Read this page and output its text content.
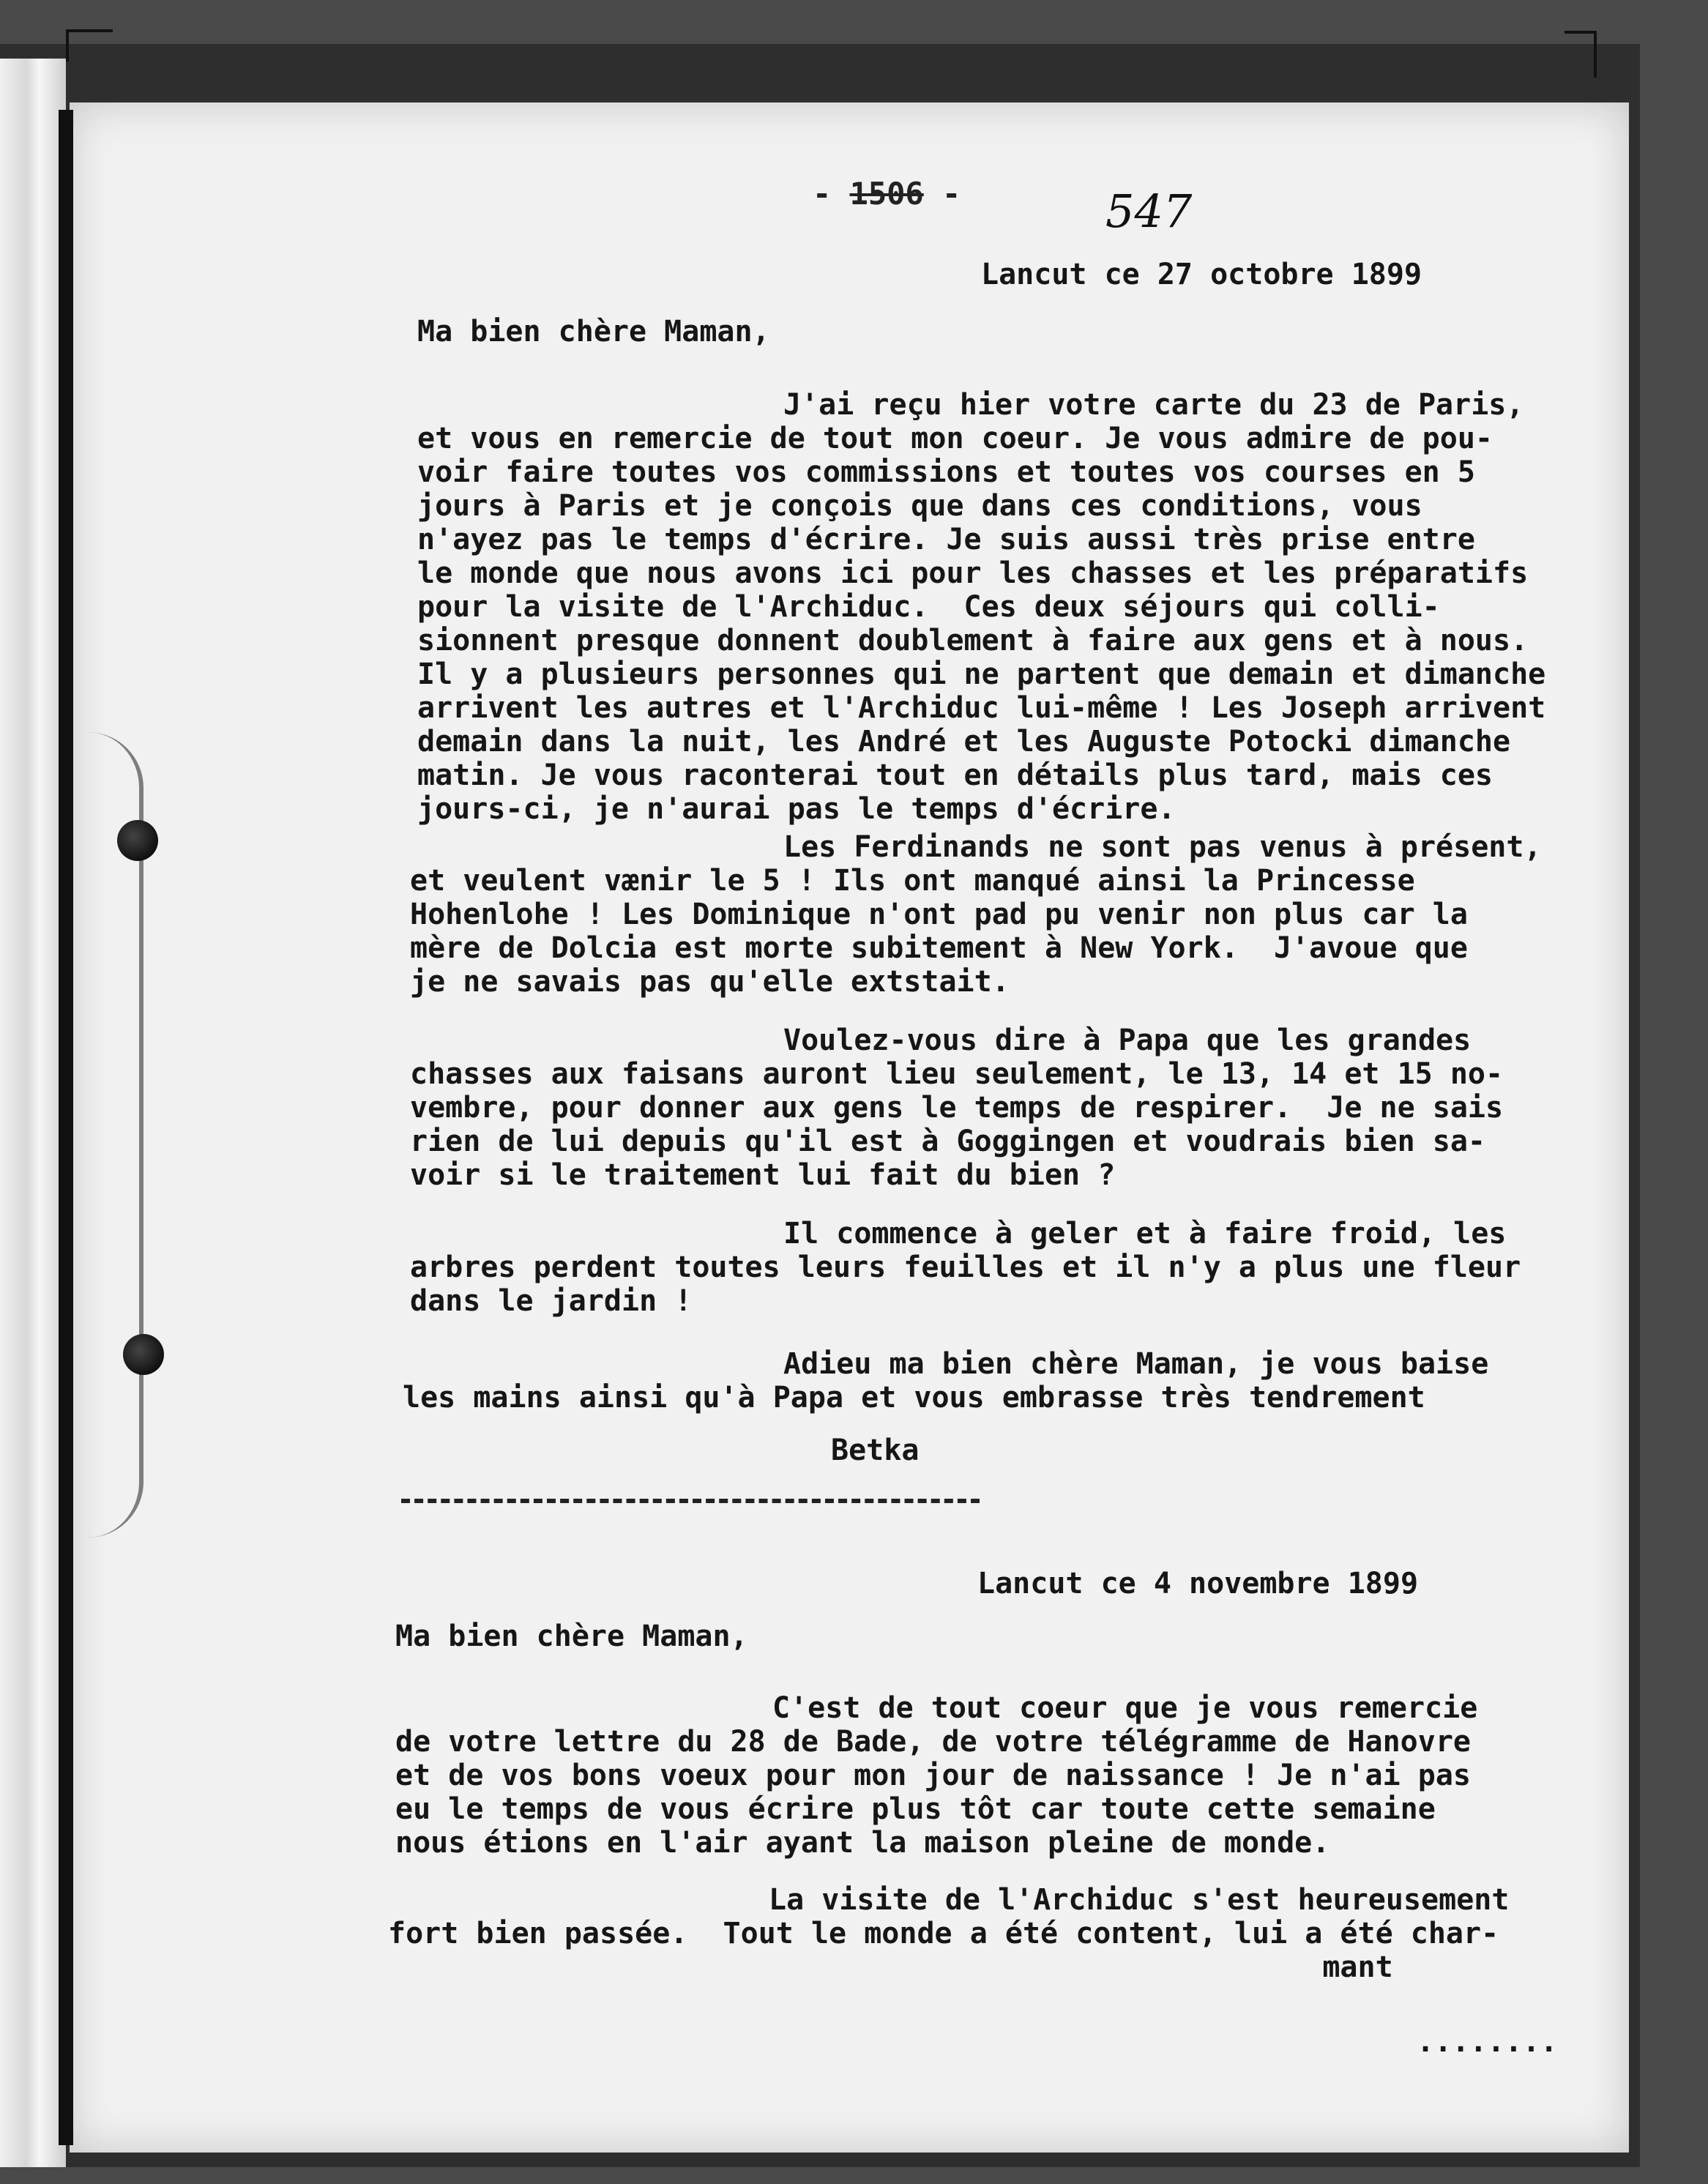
- 1506 -	547
Lancut ce 27 octobre 1899
Ma bien chère Maman,
J'ai reçu hier votre carte du 23 de Paris,
et vous en remercie de tout mon coeur. Je vous admire de pou-
voir faire toutes vos commissions et toutes vos courses en 5
jours à Paris et je conçois que dans ces conditions, vous
n'ayez pas le temps d'écrire. Je suis aussi très prise entre
le monde que nous avons ici pour les chasses et les préparatifs
pour la visite de l'Archiduc.  Ces deux séjours qui colli-
sionnent presque donnent doublement à faire aux gens et à nous.
Il y a plusieurs personnes qui ne partent que demain et dimanche
arrivent les autres et l'Archiduc lui-même ! Les Joseph arrivent
demain dans la nuit, les André et les Auguste Potocki dimanche
matin. Je vous raconterai tout en détails plus tard, mais ces
jours-ci, je n'aurai pas le temps d'écrire.
Les Ferdinands ne sont pas venus à présent,
et veulent vænir le 5 ! Ils ont manqué ainsi la Princesse
Hohenlohe ! Les Dominique n'ont pad pu venir non plus car la
mère de Dolcia est morte subitement à New York.  J'avoue que
je ne savais pas qu'elle extstait.
Voulez-vous dire à Papa que les grandes
chasses aux faisans auront lieu seulement, le 13, 14 et 15 no-
vembre, pour donner aux gens le temps de respirer.  Je ne sais
rien de lui depuis qu'il est à Goggingen et voudrais bien sa-
voir si le traitement lui fait du bien ?
Il commence à geler et à faire froid, les
arbres perdent toutes leurs feuilles et il n'y a plus une fleur
dans le jardin !
Adieu ma bien chère Maman, je vous baise
les mains ainsi qu'à Papa et vous embrasse très tendrement
Betka
Lancut ce 4 novembre 1899
Ma bien chère Maman,
C'est de tout coeur que je vous remercie
de votre lettre du 28 de Bade, de votre télégramme de Hanovre
et de vos bons voeux pour mon jour de naissance ! Je n'ai pas
eu le temps de vous écrire plus tôt car toute cette semaine
nous étions en l'air ayant la maison pleine de monde.
La visite de l'Archiduc s'est heureusement
fort bien passée.  Tout le monde a été content, lui a été char-
mant
........
